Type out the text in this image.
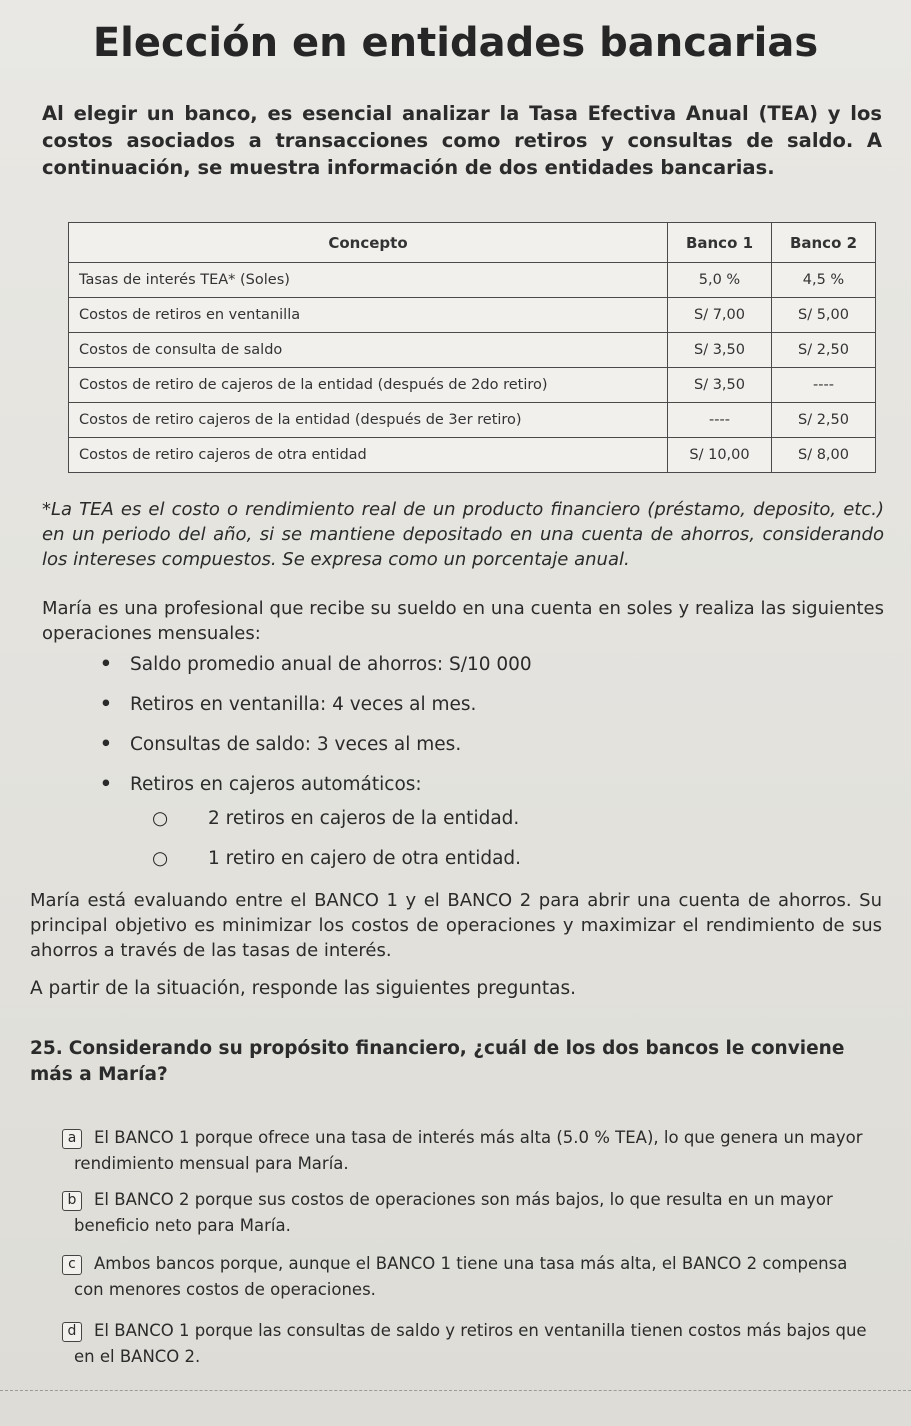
Elección en entidades bancarias

Al elegir un banco, es esencial analizar la Tasa Efectiva Anual (TEA) y los costos asociados a transacciones como retiros y consultas de saldo. A continuación, se muestra información de dos entidades bancarias.

Concepto	Banco 1	Banco 2
Tasas de interés TEA* (Soles)	5,0 %	4,5 %
Costos de retiros en ventanilla	S/ 7,00	S/ 5,00
Costos de consulta de saldo	S/ 3,50	S/ 2,50
Costos de retiro de cajeros de la entidad (después de 2do retiro)	S/ 3,50	----
Costos de retiro cajeros de la entidad (después de 3er retiro)	----	S/ 2,50
Costos de retiro cajeros de otra entidad	S/ 10,00	S/ 8,00

*La TEA es el costo o rendimiento real de un producto financiero (préstamo, deposito, etc.) en un periodo del año, si se mantiene depositado en una cuenta de ahorros, considerando los intereses compuestos. Se expresa como un porcentaje anual.

María es una profesional que recibe su sueldo en una cuenta en soles y realiza las siguientes operaciones mensuales:

• Saldo promedio anual de ahorros: S/10 000
• Retiros en ventanilla: 4 veces al mes.
• Consultas de saldo: 3 veces al mes.
• Retiros en cajeros automáticos:
○ 2 retiros en cajeros de la entidad.
○ 1 retiro en cajero de otra entidad.

María está evaluando entre el BANCO 1 y el BANCO 2 para abrir una cuenta de ahorros. Su principal objetivo es minimizar los costos de operaciones y maximizar el rendimiento de sus ahorros a través de las tasas de interés.

A partir de la situación, responde las siguientes preguntas.

25. Considerando su propósito financiero, ¿cuál de los dos bancos le conviene más a María?

a El BANCO 1 porque ofrece una tasa de interés más alta (5.0 % TEA), lo que genera un mayor
rendimiento mensual para María.
b El BANCO 2 porque sus costos de operaciones son más bajos, lo que resulta en un mayor
beneficio neto para María.
c Ambos bancos porque, aunque el BANCO 1 tiene una tasa más alta, el BANCO 2 compensa
con menores costos de operaciones.
d El BANCO 1 porque las consultas de saldo y retiros en ventanilla tienen costos más bajos que
en el BANCO 2.
